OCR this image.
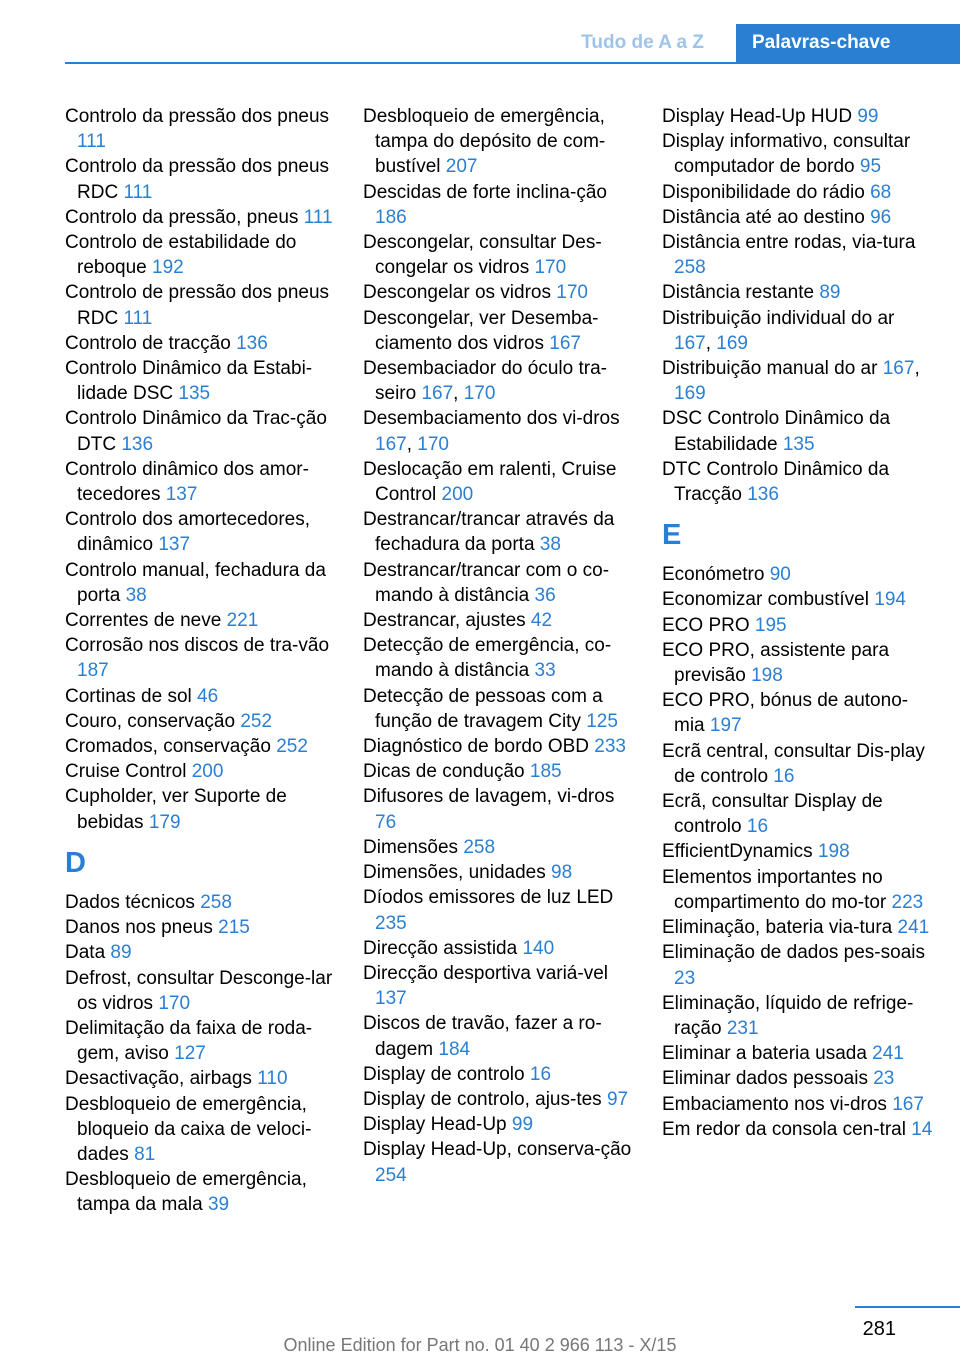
Tudo de A a Z	Palavras-chave
Controlo da pressão dos pneus 111
Controlo da pressão dos pneus RDC 111
Controlo da pressão, pneus 111
Controlo de estabilidade do reboque 192
Controlo de pressão dos pneus RDC 111
Controlo de tracção 136
Controlo Dinâmico da Estabi‐lidade DSC 135
Controlo Dinâmico da Trac‐ção DTC 136
Controlo dinâmico dos amor‐tecedores 137
Controlo dos amortecedores, dinâmico 137
Controlo manual, fechadura da porta 38
Correntes de neve 221
Corrosão nos discos de tra‐vão 187
Cortinas de sol 46
Couro, conservação 252
Cromados, conservação 252
Cruise Control 200
Cupholder, ver Suporte de bebidas 179
D
Dados técnicos 258
Danos nos pneus 215
Data 89
Defrost, consultar Desconge‐lar os vidros 170
Delimitação da faixa de roda‐gem, aviso 127
Desactivação, airbags 110
Desbloqueio de emergência, bloqueio da caixa de veloci‐dades 81
Desbloqueio de emergência, tampa da mala 39
Desbloqueio de emergência, tampa do depósito de com‐bustível 207
Descidas de forte inclina‐ção 186
Descongelar, consultar Des‐congelar os vidros 170
Descongelar os vidros 170
Descongelar, ver Desemba‐ciamento dos vidros 167
Desembaciador do óculo tra‐seiro 167, 170
Desembaciamento dos vi‐dros 167, 170
Deslocação em ralenti, Cruise Control 200
Destrancar/trancar através da fechadura da porta 38
Destrancar/trancar com o co‐mando à distância 36
Destrancar, ajustes 42
Detecção de emergência, co‐mando à distância 33
Detecção de pessoas com a função de travagem City 125
Diagnóstico de bordo OBD 233
Dicas de condução 185
Difusores de lavagem, vi‐dros 76
Dimensões 258
Dimensões, unidades 98
Díodos emissores de luz LED 235
Direcção assistida 140
Direcção desportiva variá‐vel 137
Discos de travão, fazer a ro‐dagem 184
Display de controlo 16
Display de controlo, ajus‐tes 97
Display Head-Up 99
Display Head-Up, conserva‐ção 254
Display Head-Up HUD 99
Display informativo, consultar computador de bordo 95
Disponibilidade do rádio 68
Distância até ao destino 96
Distância entre rodas, via‐tura 258
Distância restante 89
Distribuição individual do ar 167, 169
Distribuição manual do ar 167, 169
DSC Controlo Dinâmico da Estabilidade 135
DTC Controlo Dinâmico da Tracção 136
E
Económetro 90
Economizar combustível 194
ECO PRO 195
ECO PRO, assistente para previsão 198
ECO PRO, bónus de autono‐mia 197
Ecrã central, consultar Dis‐play de controlo 16
Ecrã, consultar Display de controlo 16
EfficientDynamics 198
Elementos importantes no compartimento do mo‐tor 223
Eliminação, bateria via‐tura 241
Eliminação de dados pes‐soais 23
Eliminação, líquido de refrige‐ração 231
Eliminar a bateria usada 241
Eliminar dados pessoais 23
Embaciamento nos vi‐dros 167
Em redor da consola cen‐tral 14
281
Online Edition for Part no. 01 40 2 966 113 - X/15
